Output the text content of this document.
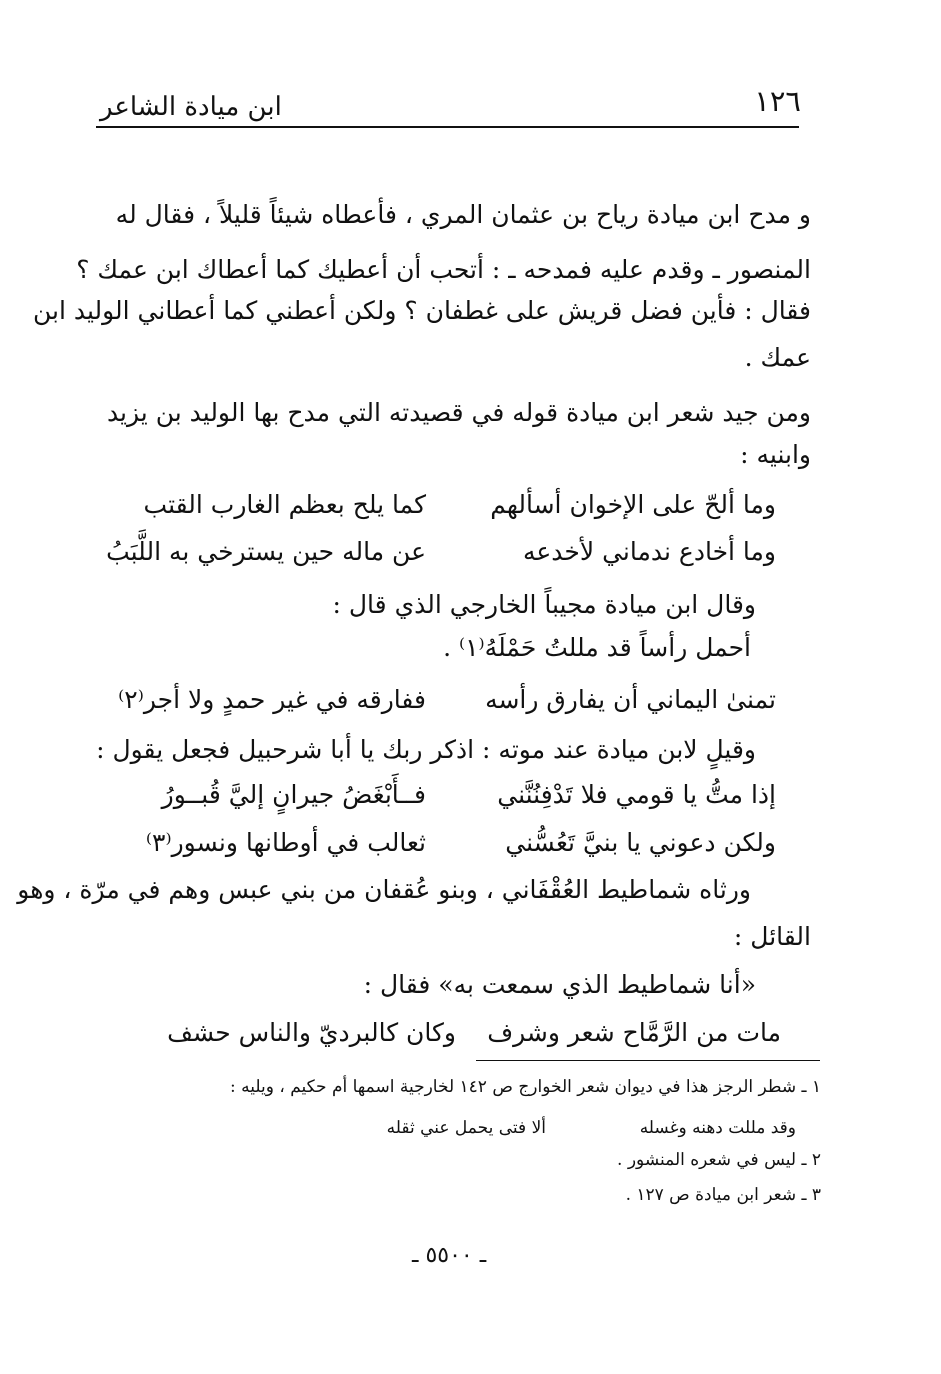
١٢٦
ابن ميادة الشاعر
و مدح ابن ميادة رياح بن عثمان المري ، فأعطاه شيئاً قليلاً ، فقال له
المنصور ـ وقدم عليه فمدحه ـ : أتحب أن أعطيك كما أعطاك ابن عمك ؟
فقال : فأين فضل قريش على غطفان ؟ ولكن أعطني كما أعطاني الوليد ابن
عمك .
ومن جيد شعر ابن ميادة قوله في قصيدته التي مدح بها الوليد بن يزيد
وابنيه :
وما ألحّ على الإخوان أسألهم
كما يلح بعظم الغارب القتب
وما أخادع ندماني لأخدعه
عن ماله حين يسترخي به اللَّبَبُ
وقال ابن ميادة مجيباً الخارجي الذي قال :
أحمل رأساً قد مللتُ حَمْلَهُ⁽١⁾ .
تمنىٰ اليماني أن يفارق رأسه
ففارقه في غير حمدٍ ولا أجر⁽٢⁾
وقيلٍ لابن ميادة عند موته : اذكر ربك يا أبا شرحبيل فجعل يقول :
إذا متُّ يا قومي فلا تَدْفِنُنَّني
فــأَبْغَضُ جيرانٍ إليَّ قُبــورُ
ولكن دعوني يا بنيَّ تَعُسُّني
ثعالب في أوطانها ونسور⁽٣⁾
ورثاه شماطيط العُقْفَاني ، وبنو عُقفان من بني عبس وهم في مرّة ، وهو
القائل :
«أنا شماطيط الذي سمعت به» فقال :
مات من الرَّمَّاح شعر وشرف
وكان كالبرديّ والناس حشف
١ ـ شطر الرجز هذا في ديوان شعر الخوارج ص ١٤٢ لخارجية اسمها أم حكيم ، ويليه :
وقد مللت دهنه وغسله
ألا فتى يحمل عني ثقله
٢ ـ ليس في شعره المنشور .
٣ ـ شعر ابن ميادة ص ١٢٧ .
ـ ٥٥٠٠ ـ
